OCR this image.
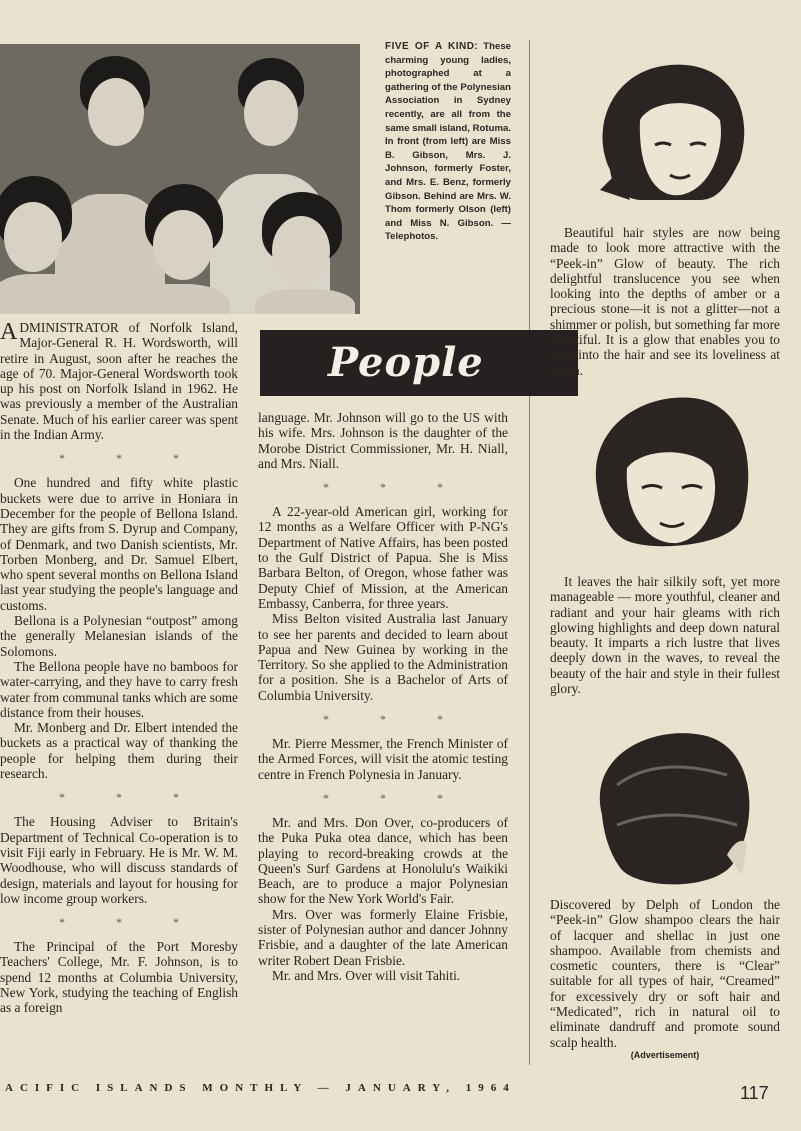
FIVE OF A KIND: These charming young ladies, photographed at a gathering of the Polynesian Association in Sydney recently, are all from the same small island, Rotuma. In front (from left) are Miss B. Gibson, Mrs. J. Johnson, formerly Foster, and Mrs. E. Benz, formerly Gibson. Behind are Mrs. W. Thom formerly Olson (left) and Miss N. Gibson. — Telephotos.

ADMINISTRATOR of Norfolk Island, Major-General R. H. Wordsworth, will retire in August, soon after he reaches the age of 70. Major-General Wordsworth took up his post on Norfolk Island in 1962. He was previously a member of the Australian Senate. Much of his earlier career was spent in the Indian Army.

* * *

One hundred and fifty white plastic buckets were due to arrive in Honiara in December for the people of Bellona Island. They are gifts from S. Dyrup and Company, of Denmark, and two Danish scientists, Mr. Torben Monberg, and Dr. Samuel Elbert, who spent several months on Bellona Island last year studying the people's language and customs.

Bellona is a Polynesian “outpost” among the generally Melanesian islands of the Solomons.

The Bellona people have no bamboos for water-carrying, and they have to carry fresh water from communal tanks which are some distance from their houses.

Mr. Monberg and Dr. Elbert intended the buckets as a practical way of thanking the people for helping them during their research.

* * *

The Housing Adviser to Britain's Department of Technical Co-operation is to visit Fiji early in February. He is Mr. W. M. Woodhouse, who will discuss standards of design, materials and layout for housing for low income group workers.

* * *

The Principal of the Port Moresby Teachers' College, Mr. F. Johnson, is to spend 12 months at Columbia University, New York, studying the teaching of English as a foreign

People

language. Mr. Johnson will go to the US with his wife. Mrs. Johnson is the daughter of the Morobe District Commissioner, Mr. H. Niall, and Mrs. Niall.

* * *

A 22-year-old American girl, working for 12 months as a Welfare Officer with P-NG's Department of Native Affairs, has been posted to the Gulf District of Papua. She is Miss Barbara Belton, of Oregon, whose father was Deputy Chief of Mission, at the American Embassy, Canberra, for three years.

Miss Belton visited Australia last January to see her parents and decided to learn about Papua and New Guinea by working in the Territory. So she applied to the Administration for a position. She is a Bachelor of Arts of Columbia University.

* * *

Mr. Pierre Messmer, the French Minister of the Armed Forces, will visit the atomic testing centre in French Polynesia in January.

* * *

Mr. and Mrs. Don Over, co-producers of the Puka Puka otea dance, which has been playing to record-breaking crowds at the Queen's Surf Gardens at Honolulu's Waikiki Beach, are to produce a major Polynesian show for the New York World's Fair.

Mrs. Over was formerly Elaine Frisbie, sister of Polynesian author and dancer Johnny Frisbie, and a daughter of the late American writer Robert Dean Frisbie.

Mr. and Mrs. Over will visit Tahiti.

Beautiful hair styles are now being made to look more attractive with the “Peek-in” Glow of beauty. The rich delightful translucence you see when looking into the depths of amber or a precious stone—it is not a glitter—not a shimmer or polish, but something far more beautiful. It is a glow that enables you to look into the hair and see its loveliness at depth.

It leaves the hair silkily soft, yet more manageable — more youthful, cleaner and radiant and your hair gleams with rich glowing highlights and deep down natural beauty. It imparts a rich lustre that lives deeply down in the waves, to reveal the beauty of the hair and style in their fullest glory.

Discovered by Delph of London the “Peek-in” Glow shampoo clears the hair of lacquer and shellac in just one shampoo. Available from chemists and cosmetic counters, there is “Clear” suitable for all types of hair, “Creamed” for excessively dry or soft hair and “Medicated”, rich in natural oil to eliminate dandruff and promote sound scalp health.

(Advertisement)
ACIFIC ISLANDS MONTHLY — JANUARY, 1964	117
